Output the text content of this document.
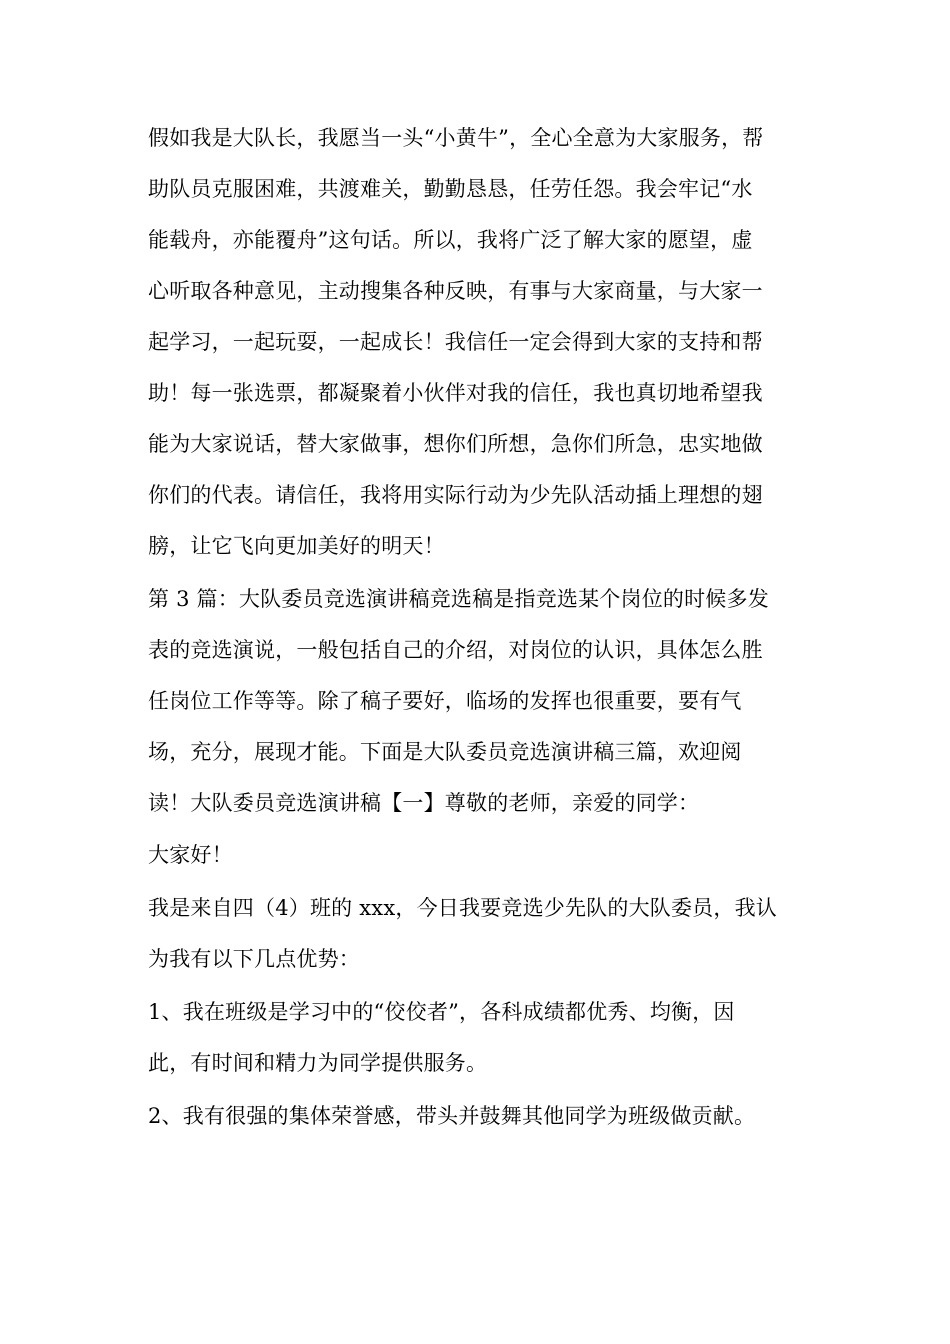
假如我是大队长，我愿当一头“小黄牛”，全心全意为大家服务，帮
助队员克服困难，共渡难关，勤勤恳恳，任劳任怨。我会牢记“水
能载舟，亦能覆舟”这句话。所以，我将广泛了解大家的愿望，虚
心听取各种意见，主动搜集各种反映，有事与大家商量，与大家一
起学习，一起玩耍，一起成长！我信任一定会得到大家的支持和帮
助！每一张选票，都凝聚着小伙伴对我的信任，我也真切地希望我
能为大家说话，替大家做事，想你们所想，急你们所急，忠实地做
你们的代表。请信任，我将用实际行动为少先队活动插上理想的翅
膀，让它飞向更加美好的明天！
第 3 篇：大队委员竞选演讲稿竞选稿是指竞选某个岗位的时候多发
表的竞选演说，一般包括自己的介绍，对岗位的认识，具体怎么胜
任岗位工作等等。除了稿子要好，临场的发挥也很重要，要有气
场，充分，展现才能。下面是大队委员竞选演讲稿三篇，欢迎阅
读！大队委员竞选演讲稿【一】尊敬的老师，亲爱的同学：
大家好！
我是来自四（4）班的 xxx，今日我要竞选少先队的大队委员，我认
为我有以下几点优势：
1、我在班级是学习中的“佼佼者”，各科成绩都优秀、均衡，因
此，有时间和精力为同学提供服务。
2、我有很强的集体荣誉感，带头并鼓舞其他同学为班级做贡献。
